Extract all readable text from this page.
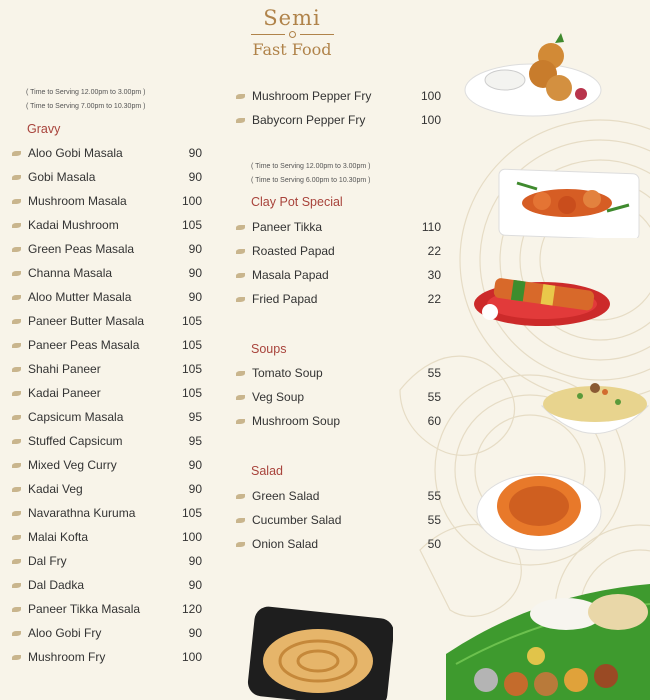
Semi
Fast Food
( Time to Serving 12.00pm to 3.00pm )
( Time to Serving 7.00pm to 10.30pm )
Gravy
Aloo Gobi Masala	90
Gobi Masala	90
Mushroom Masala	100
Kadai Mushroom	105
Green Peas Masala	90
Channa Masala	90
Aloo Mutter Masala	90
Paneer Butter Masala	105
Paneer Peas Masala	105
Shahi Paneer	105
Kadai Paneer	105
Capsicum Masala	95
Stuffed Capsicum	95
Mixed Veg Curry	90
Kadai Veg	90
Navarathna Kuruma	105
Malai Kofta	100
Dal Fry	90
Dal Dadka	90
Paneer Tikka Masala	120
Aloo Gobi Fry	90
Mushroom Fry	100
Mushroom Pepper Fry	100
Babycorn Pepper Fry	100
( Time to Serving 12.00pm to 3.00pm )
( Time to Serving 6.00pm to 10.30pm )
Clay Pot Special
Paneer Tikka	110
Roasted Papad	22
Masala Papad	30
Fried Papad	22
Soups
Tomato Soup	55
Veg Soup	55
Mushroom Soup	60
Salad
Green Salad	55
Cucumber Salad	55
Onion Salad	50
